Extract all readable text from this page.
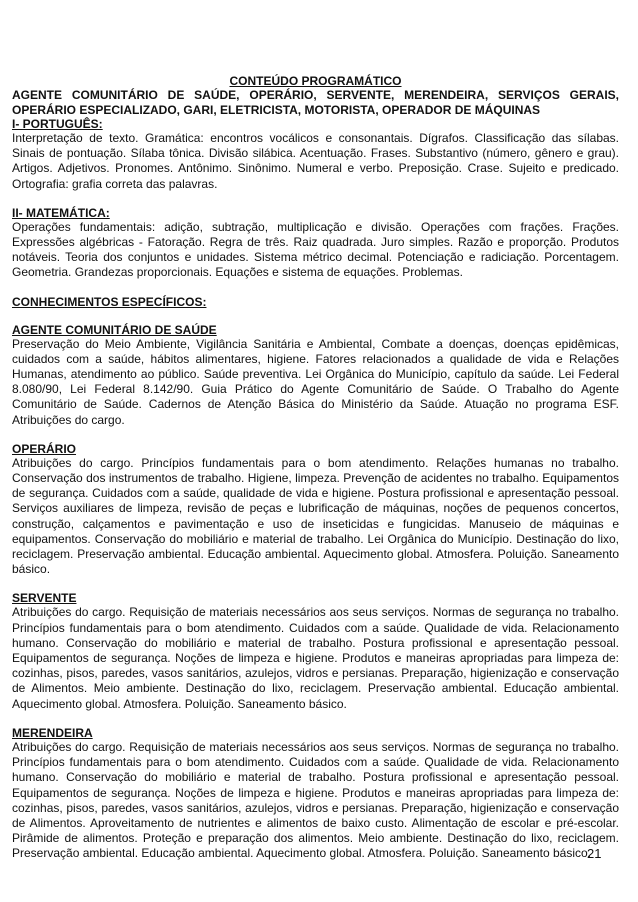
CONTEÚDO PROGRAMÁTICO

AGENTE COMUNITÁRIO DE SAÚDE, OPERÁRIO, SERVENTE, MERENDEIRA, SERVIÇOS GERAIS, OPERÁRIO ESPECIALIZADO, GARI, ELETRICISTA, MOTORISTA, OPERADOR DE MÁQUINAS

I- PORTUGUÊS:

Interpretação de texto. Gramática: encontros vocálicos e consonantais. Dígrafos. Classificação das sílabas. Sinais de pontuação. Sílaba tônica. Divisão silábica. Acentuação. Frases. Substantivo (número, gênero e grau). Artigos. Adjetivos. Pronomes. Antônimo. Sinônimo. Numeral e verbo. Preposição. Crase. Sujeito e predicado. Ortografia: grafia correta das palavras.

II- MATEMÁTICA:

Operações fundamentais: adição, subtração, multiplicação e divisão. Operações com frações. Frações. Expressões algébricas - Fatoração. Regra de três. Raiz quadrada. Juro simples. Razão e proporção. Produtos notáveis. Teoria dos conjuntos e unidades. Sistema métrico decimal. Potenciação e radiciação. Porcentagem. Geometria. Grandezas proporcionais. Equações e sistema de equações. Problemas.

CONHECIMENTOS ESPECÍFICOS:

AGENTE COMUNITÁRIO DE SAÚDE

Preservação do Meio Ambiente, Vigilância Sanitária e Ambiental, Combate a doenças, doenças epidêmicas, cuidados com a saúde, hábitos alimentares, higiene. Fatores relacionados a qualidade de vida e Relações Humanas, atendimento ao público. Saúde preventiva. Lei Orgânica do Município, capítulo da saúde. Lei Federal 8.080/90, Lei Federal 8.142/90. Guia Prático do Agente Comunitário de Saúde. O Trabalho do Agente Comunitário de Saúde. Cadernos de Atenção Básica do Ministério da Saúde. Atuação no programa ESF. Atribuições do cargo.

OPERÁRIO

Atribuições do cargo. Princípios fundamentais para o bom atendimento. Relações humanas no trabalho. Conservação dos instrumentos de trabalho. Higiene, limpeza. Prevenção de acidentes no trabalho. Equipamentos de segurança. Cuidados com a saúde, qualidade de vida e higiene. Postura profissional e apresentação pessoal. Serviços auxiliares de limpeza, revisão de peças e lubrificação de máquinas, noções de pequenos concertos, construção, calçamentos e pavimentação e uso de inseticidas e fungicidas. Manuseio de máquinas e equipamentos. Conservação do mobiliário e material de trabalho. Lei Orgânica do Município. Destinação do lixo, reciclagem. Preservação ambiental. Educação ambiental. Aquecimento global. Atmosfera. Poluição. Saneamento básico.

SERVENTE

Atribuições do cargo. Requisição de materiais necessários aos seus serviços. Normas de segurança no trabalho. Princípios fundamentais para o bom atendimento. Cuidados com a saúde. Qualidade de vida. Relacionamento humano. Conservação do mobiliário e material de trabalho. Postura profissional e apresentação pessoal. Equipamentos de segurança. Noções de limpeza e higiene. Produtos e maneiras apropriadas para limpeza de: cozinhas, pisos, paredes, vasos sanitários, azulejos, vidros e persianas. Preparação, higienização e conservação de Alimentos. Meio ambiente. Destinação do lixo, reciclagem. Preservação ambiental. Educação ambiental. Aquecimento global. Atmosfera. Poluição. Saneamento básico.

MERENDEIRA

Atribuições do cargo. Requisição de materiais necessários aos seus serviços. Normas de segurança no trabalho. Princípios fundamentais para o bom atendimento. Cuidados com a saúde. Qualidade de vida. Relacionamento humano. Conservação do mobiliário e material de trabalho. Postura profissional e apresentação pessoal. Equipamentos de segurança. Noções de limpeza e higiene. Produtos e maneiras apropriadas para limpeza de: cozinhas, pisos, paredes, vasos sanitários, azulejos, vidros e persianas. Preparação, higienização e conservação de Alimentos. Aproveitamento de nutrientes e alimentos de baixo custo. Alimentação de escolar e pré-escolar. Pirâmide de alimentos. Proteção e preparação dos alimentos. Meio ambiente. Destinação do lixo, reciclagem. Preservação ambiental. Educação ambiental. Aquecimento global. Atmosfera. Poluição. Saneamento básico.

21
